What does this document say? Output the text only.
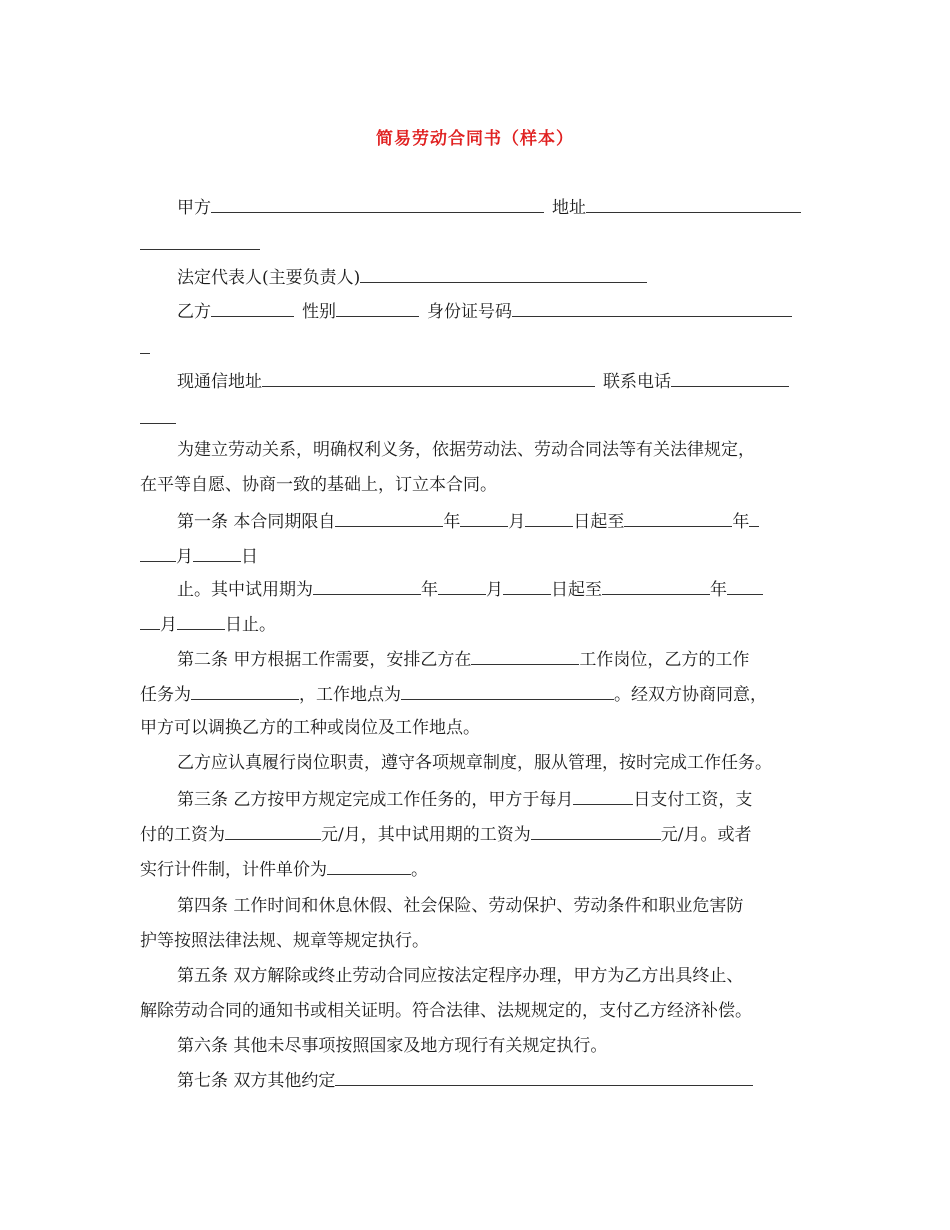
简易劳动合同书（样本）
甲方	地址
法定代表人(主要负责人)
乙方	性别	身份证号码
现通信地址	联系电话
为建立劳动关系，明确权利义务，依据劳动法、劳动合同法等有关法律规定，
在平等自愿、协商一致的基础上，订立本合同。
第一条 本合同期限自	年	月	日起至	年
月	日
止。其中试用期为	年	月	日起至	年
月	日止。
第二条 甲方根据工作需要，安排乙方在	工作岗位，乙方的工作
任务为	，工作地点为	。经双方协商同意，
甲方可以调换乙方的工种或岗位及工作地点。
乙方应认真履行岗位职责，遵守各项规章制度，服从管理，按时完成工作任务。
第三条 乙方按甲方规定完成工作任务的，甲方于每月	日支付工资，支
付的工资为	元/月，其中试用期的工资为	元/月。或者
实行计件制，计件单价为	。
第四条 工作时间和休息休假、社会保险、劳动保护、劳动条件和职业危害防
护等按照法律法规、规章等规定执行。
第五条 双方解除或终止劳动合同应按法定程序办理，甲方为乙方出具终止、
解除劳动合同的通知书或相关证明。符合法律、法规规定的，支付乙方经济补偿。
第六条 其他未尽事项按照国家及地方现行有关规定执行。
第七条 双方其他约定
